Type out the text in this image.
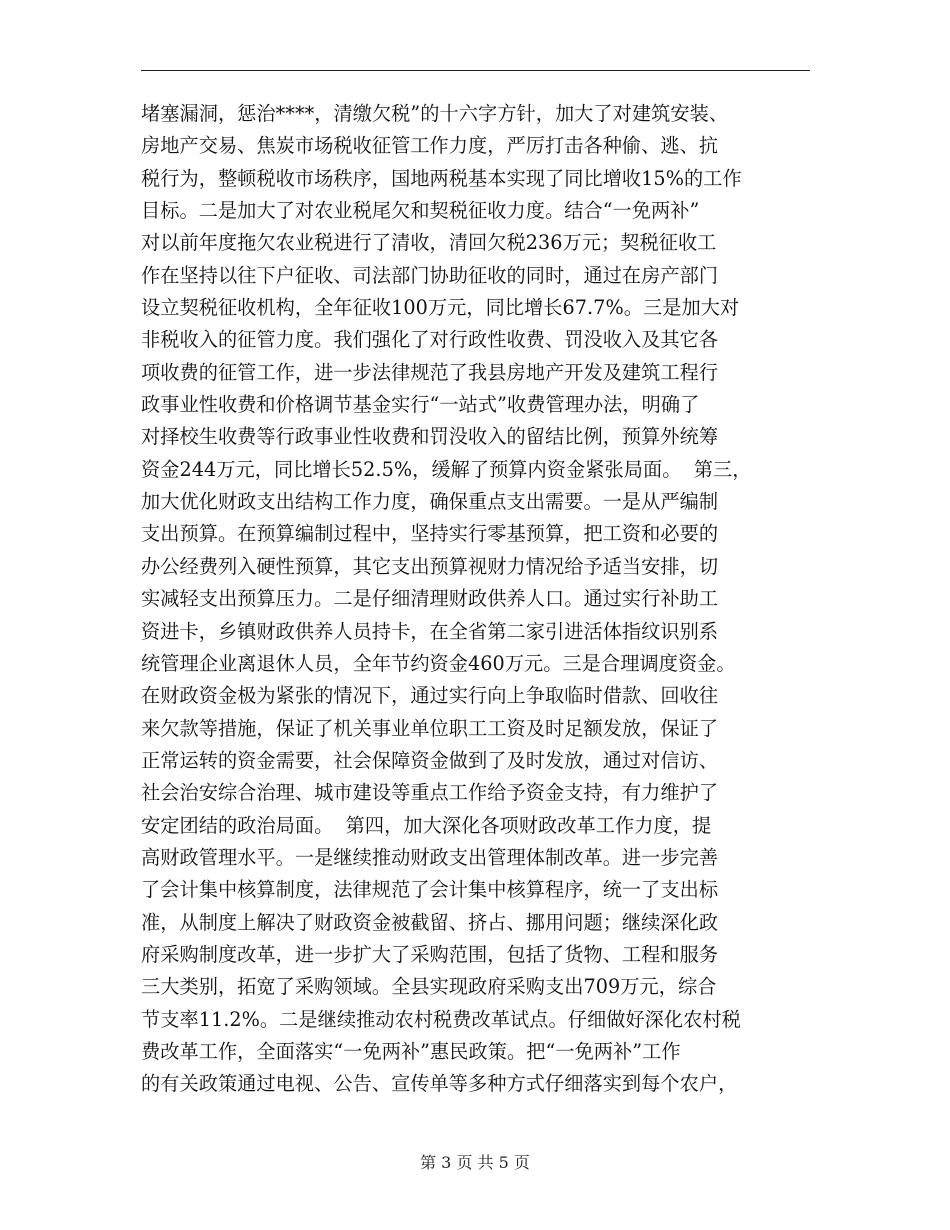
堵塞漏洞，惩治****，清缴欠税”的十六字方针，加大了对建筑安装、
房地产交易、焦炭市场税收征管工作力度，严厉打击各种偷、逃、抗
税行为，整顿税收市场秩序，国地两税基本实现了同比增收15%的工作
目标。二是加大了对农业税尾欠和契税征收力度。结合“一免两补”
对以前年度拖欠农业税进行了清收，清回欠税236万元；契税征收工
作在坚持以往下户征收、司法部门协助征收的同时，通过在房产部门
设立契税征收机构，全年征收100万元，同比增长67.7%。三是加大对
非税收入的征管力度。我们强化了对行政性收费、罚没收入及其它各
项收费的征管工作，进一步法律规范了我县房地产开发及建筑工程行
政事业性收费和价格调节基金实行“一站式”收费管理办法，明确了
对择校生收费等行政事业性收费和罚没收入的留结比例，预算外统筹
资金244万元，同比增长52.5%，缓解了预算内资金紧张局面。  第三，
加大优化财政支出结构工作力度，确保重点支出需要。一是从严编制
支出预算。在预算编制过程中，坚持实行零基预算，把工资和必要的
办公经费列入硬性预算，其它支出预算视财力情况给予适当安排，切
实减轻支出预算压力。二是仔细清理财政供养人口。通过实行补助工
资进卡，乡镇财政供养人员持卡，在全省第二家引进活体指纹识别系
统管理企业离退休人员，全年节约资金460万元。三是合理调度资金。
在财政资金极为紧张的情况下，通过实行向上争取临时借款、回收往
来欠款等措施，保证了机关事业单位职工工资及时足额发放，保证了
正常运转的资金需要，社会保障资金做到了及时发放，通过对信访、
社会治安综合治理、城市建设等重点工作给予资金支持，有力维护了
安定团结的政治局面。  第四，加大深化各项财政改革工作力度，提
高财政管理水平。一是继续推动财政支出管理体制改革。进一步完善
了会计集中核算制度，法律规范了会计集中核算程序，统一了支出标
准，从制度上解决了财政资金被截留、挤占、挪用问题；继续深化政
府采购制度改革，进一步扩大了采购范围，包括了货物、工程和服务
三大类别，拓宽了采购领域。全县实现政府采购支出709万元，综合
节支率11.2%。二是继续推动农村税费改革试点。仔细做好深化农村税
费改革工作，全面落实“一免两补”惠民政策。把“一免两补”工作
的有关政策通过电视、公告、宣传单等多种方式仔细落实到每个农户，
第 3 页 共 5 页
